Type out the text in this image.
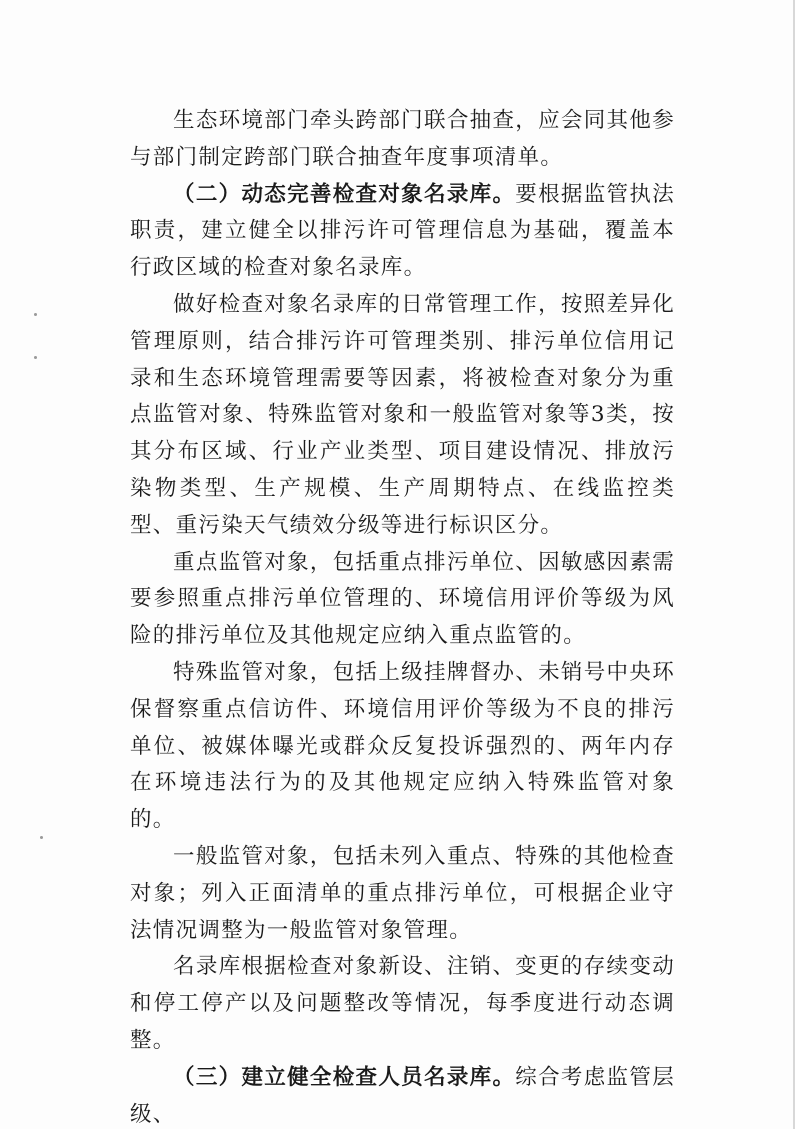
生态环境部门牵头跨部门联合抽查，应会同其他参与部门制定跨部门联合抽查年度事项清单。

（二）动态完善检查对象名录库。要根据监管执法职责，建立健全以排污许可管理信息为基础，覆盖本行政区域的检查对象名录库。

做好检查对象名录库的日常管理工作，按照差异化管理原则，结合排污许可管理类别、排污单位信用记录和生态环境管理需要等因素，将被检查对象分为重点监管对象、特殊监管对象和一般监管对象等3类，按其分布区域、行业产业类型、项目建设情况、排放污染物类型、生产规模、生产周期特点、在线监控类型、重污染天气绩效分级等进行标识区分。

重点监管对象，包括重点排污单位、因敏感因素需要参照重点排污单位管理的、环境信用评价等级为风险的排污单位及其他规定应纳入重点监管的。

特殊监管对象，包括上级挂牌督办、未销号中央环保督察重点信访件、环境信用评价等级为不良的排污单位、被媒体曝光或群众反复投诉强烈的、两年内存在环境违法行为的及其他规定应纳入特殊监管对象的。

一般监管对象，包括未列入重点、特殊的其他检查对象；列入正面清单的重点排污单位，可根据企业守法情况调整为一般监管对象管理。

名录库根据检查对象新设、注销、变更的存续变动和停工停产以及问题整改等情况，每季度进行动态调整。

（三）建立健全检查人员名录库。综合考虑监管层级、
